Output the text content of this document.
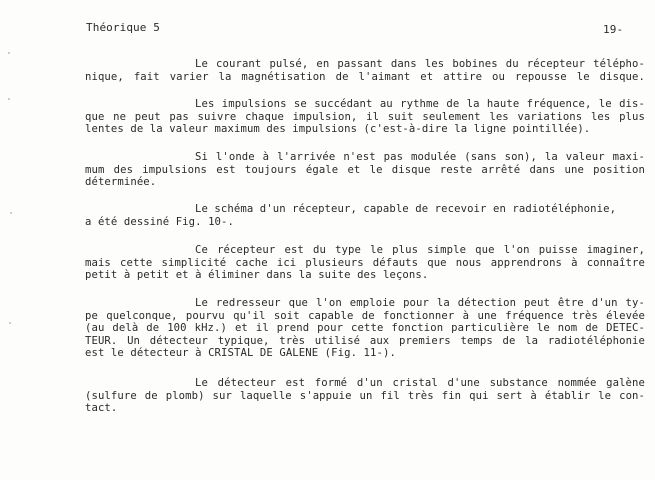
Théorique 5	19-
Le courant pulsé, en passant dans les bobines du récepteur télépho-
nique, fait varier la magnétisation de l'aimant et attire ou repousse le disque.
Les impulsions se succédant au rythme de la haute fréquence, le dis-
que ne peut pas suivre chaque impulsion, il suit seulement les variations les plus
lentes de la valeur maximum des impulsions (c'est-à-dire la ligne pointillée).
Si l'onde à l'arrivée n'est pas modulée (sans son), la valeur maxi-
mum des impulsions est toujours égale et le disque reste arrêté dans une position
déterminée.
Le schéma d'un récepteur, capable de recevoir en radiotéléphonie,
a été dessiné Fig. 10-.
Ce récepteur est du type le plus simple que l'on puisse imaginer,
mais cette simplicité cache ici plusieurs défauts que nous apprendrons à connaître
petit à petit et à éliminer dans la suite des leçons.
Le redresseur que l'on emploie pour la détection peut être d'un ty-
pe quelconque, pourvu qu'il soit capable de fonctionner à une fréquence très élevée
(au delà de 100 kHz.) et il prend pour cette fonction particulière le nom de DETEC-
TEUR. Un détecteur typique, très utilisé aux premiers temps de la radiotéléphonie
est le détecteur à CRISTAL DE GALENE (Fig. 11-).
Le détecteur est formé d'un cristal d'une substance nommée galène
(sulfure de plomb) sur laquelle s'appuie un fil très fin qui sert à établir le con-
tact.
